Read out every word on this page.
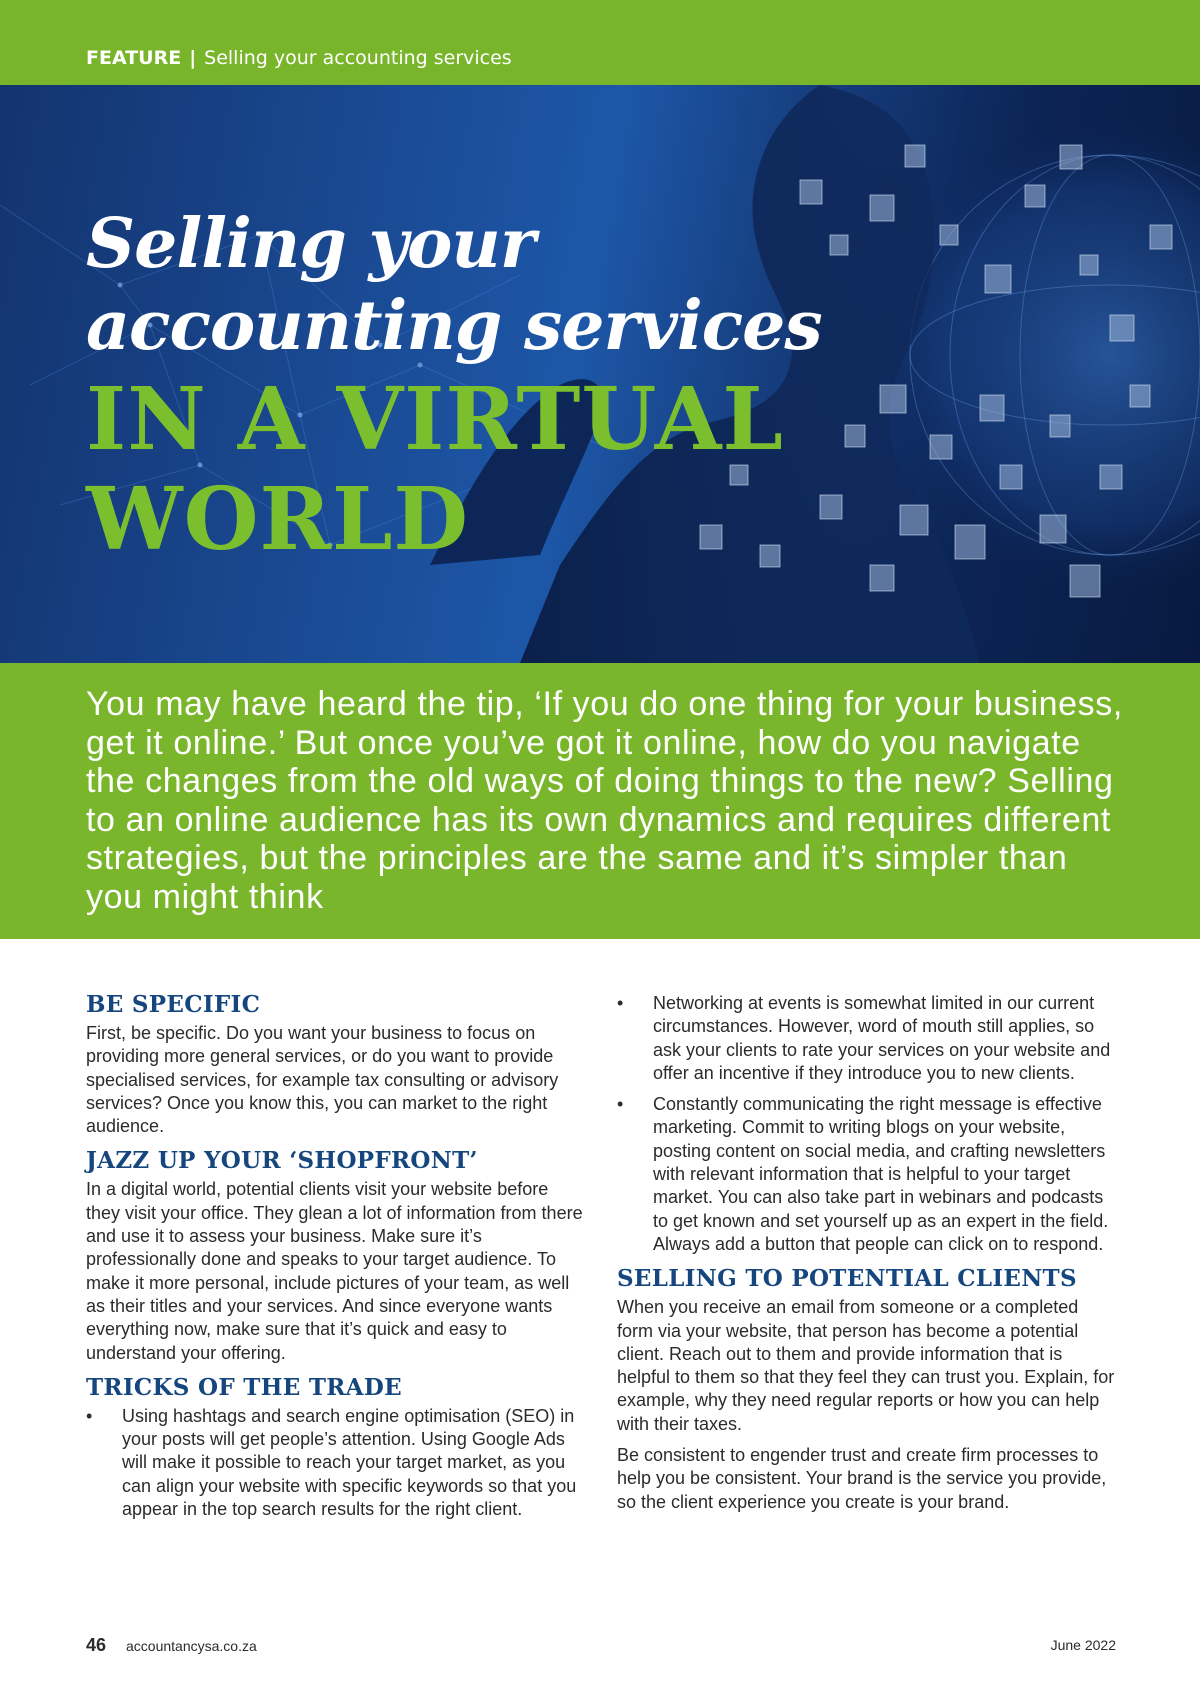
FEATURE | Selling your accounting services
Selling your
accounting services
IN A VIRTUAL
WORLD

You may have heard the tip, ‘If you do one thing for your business, get it online.’ But once you’ve got it online, how do you navigate the changes from the old ways of doing things to the new? Selling to an online audience has its own dynamics and requires different strategies, but the principles are the same and it’s simpler than you might think

BE SPECIFIC

First, be specific. Do you want your business to focus on providing more general services, or do you want to provide specialised services, for example tax consulting or advisory services? Once you know this, you can market to the right audience.

JAZZ UP YOUR ‘SHOPFRONT’

In a digital world, potential clients visit your website before they visit your office. They glean a lot of information from there and use it to assess your business. Make sure it’s professionally done and speaks to your target audience. To make it more personal, include pictures of your team, as well as their titles and your services. And since everyone wants everything now, make sure that it’s quick and easy to understand your offering.

TRICKS OF THE TRADE
• Using hashtags and search engine optimisation (SEO) in your posts will get people’s attention. Using Google Ads will make it possible to reach your target market, as you can align your website with specific keywords so that you appear in the top search results for the right client.
• Networking at events is somewhat limited in our current circumstances. However, word of mouth still applies, so ask your clients to rate your services on your website and offer an incentive if they introduce you to new clients.
• Constantly communicating the right message is effective marketing. Commit to writing blogs on your website, posting content on social media, and crafting newsletters with relevant information that is helpful to your target market. You can also take part in webinars and podcasts to get known and set yourself up as an expert in the field. Always add a button that people can click on to respond.
SELLING TO POTENTIAL CLIENTS

When you receive an email from someone or a completed form via your website, that person has become a potential client. Reach out to them and provide information that is helpful to them so that they feel they can trust you. Explain, for example, why they need regular reports or how you can help with their taxes.

Be consistent to engender trust and create firm processes to help you be consistent. Your brand is the service you provide, so the client experience you create is your brand.

46 accountancysa.co.za	June 2022
